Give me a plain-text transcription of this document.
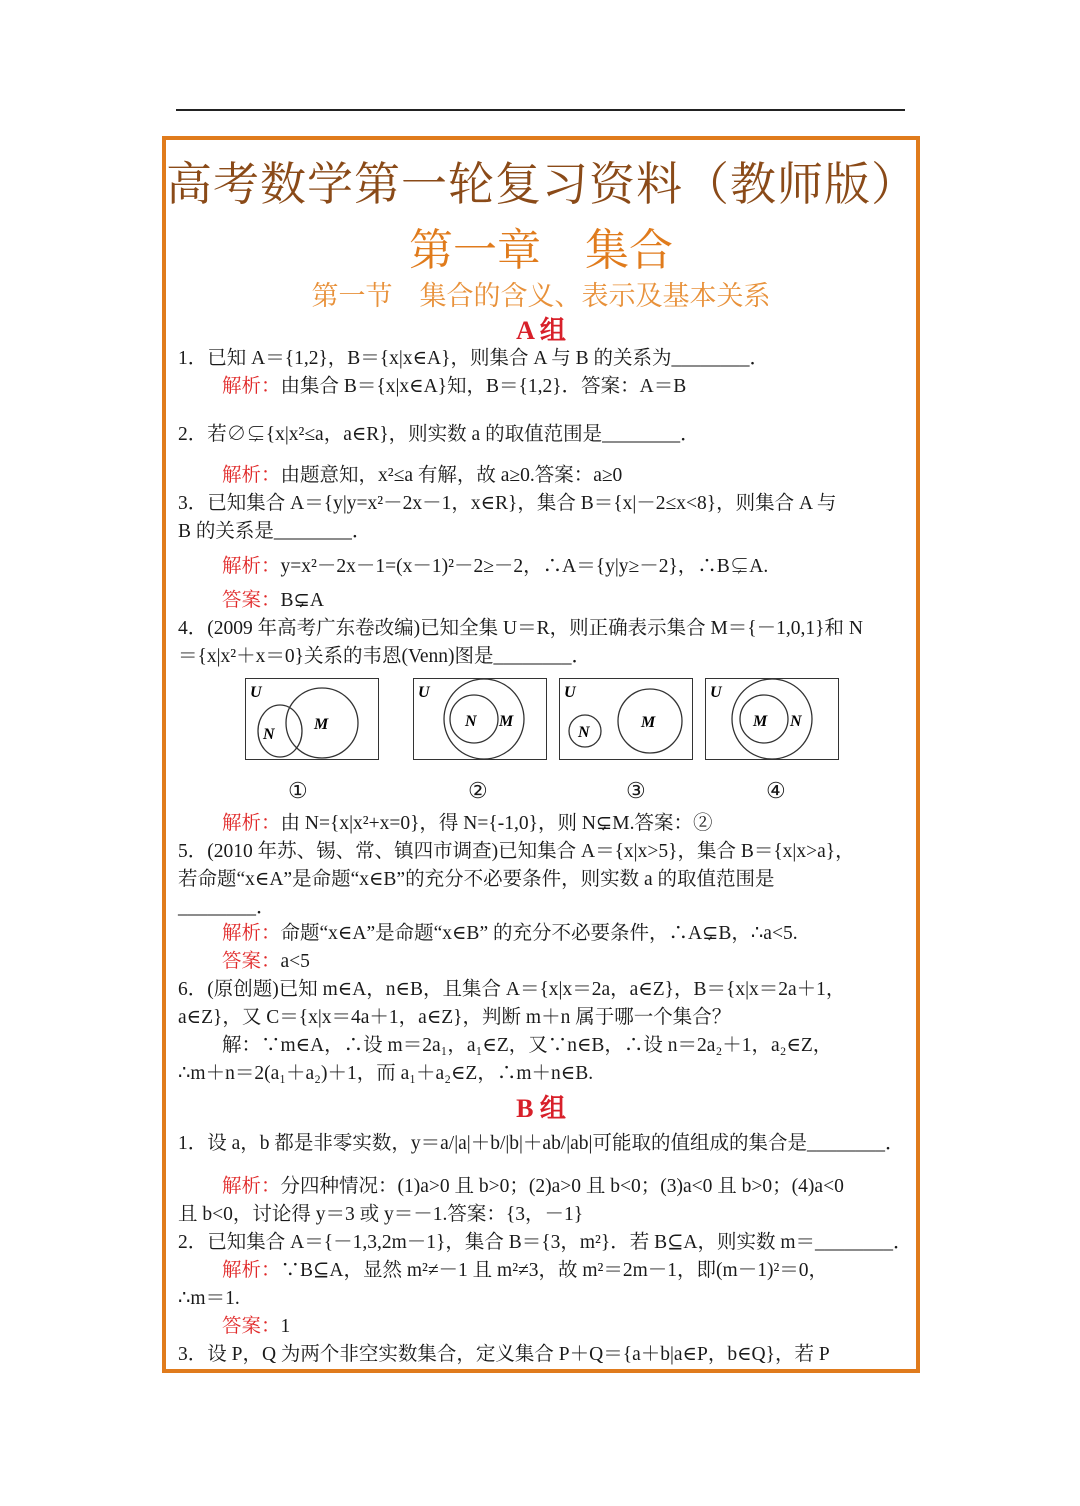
高考数学第一轮复习资料（教师版）
第一章　集合
第一节　集合的含义、表示及基本关系
A 组
1．已知 A＝{1,2}，B＝{x|x∈A}，则集合 A 与 B 的关系为________．
解析：由集合 B＝{x|x∈A}知，B＝{1,2}．答案：A＝B
2．若∅⊊{x|x²≤a，a∈R}，则实数 a 的取值范围是________．
解析：由题意知，x²≤a 有解，故 a≥0.答案：a≥0
3．已知集合 A＝{y|y=x²－2x－1，x∈R}，集合 B＝{x|－2≤x<8}，则集合 A 与
B 的关系是________．
解析：y=x²－2x－1=(x－1)²－2≥－2，∴A＝{y|y≥－2}，∴B⊊A.
答案：B⊊A
4．(2009 年高考广东卷改编)已知全集 U＝R，则正确表示集合 M＝{－1,0,1}和 N
＝{x|x²＋x＝0}关系的韦恩(Venn)图是________．
U
N
M
U
N M
U
N
M
U
M N
①	②	③	④
解析：由 N={x|x²+x=0}，得 N={-1,0}，则 N⊊M.答案：②
5．(2010 年苏、锡、常、镇四市调查)已知集合 A＝{x|x>5}，集合 B＝{x|x>a}，
若命题“x∈A”是命题“x∈B”的充分不必要条件，则实数 a 的取值范围是
________．
解析：命题“x∈A”是命题“x∈B” 的充分不必要条件，∴A⊊B，∴a<5.
答案：a<5
6．(原创题)已知 m∈A，n∈B，且集合 A＝{x|x＝2a，a∈Z}，B＝{x|x＝2a＋1，
a∈Z}，又 C＝{x|x＝4a＋1，a∈Z}，判断 m＋n 属于哪一个集合？
解：∵m∈A，∴设 m＝2a₁，a₁∈Z，又∵n∈B，∴设 n＝2a₂＋1，a₂∈Z，
∴m＋n＝2(a₁＋a₂)＋1，而 a₁＋a₂∈Z，∴m＋n∈B.
B 组
1．设 a，b 都是非零实数，y＝a/|a|＋b/|b|＋ab/|ab|可能取的值组成的集合是________．
解析：分四种情况：(1)a>0 且 b>0；(2)a>0 且 b<0；(3)a<0 且 b>0；(4)a<0
且 b<0，讨论得 y＝3 或 y＝－1.答案：{3，－1}
2．已知集合 A＝{－1,3,2m－1}，集合 B＝{3，m²}．若 B⊆A，则实数 m＝________．
解析：∵B⊆A，显然 m²≠－1 且 m²≠3，故 m²＝2m－1，即(m－1)²＝0，
∴m＝1.
答案：1
3．设 P，Q 为两个非空实数集合，定义集合 P＋Q＝{a＋b|a∈P，b∈Q}，若 P
